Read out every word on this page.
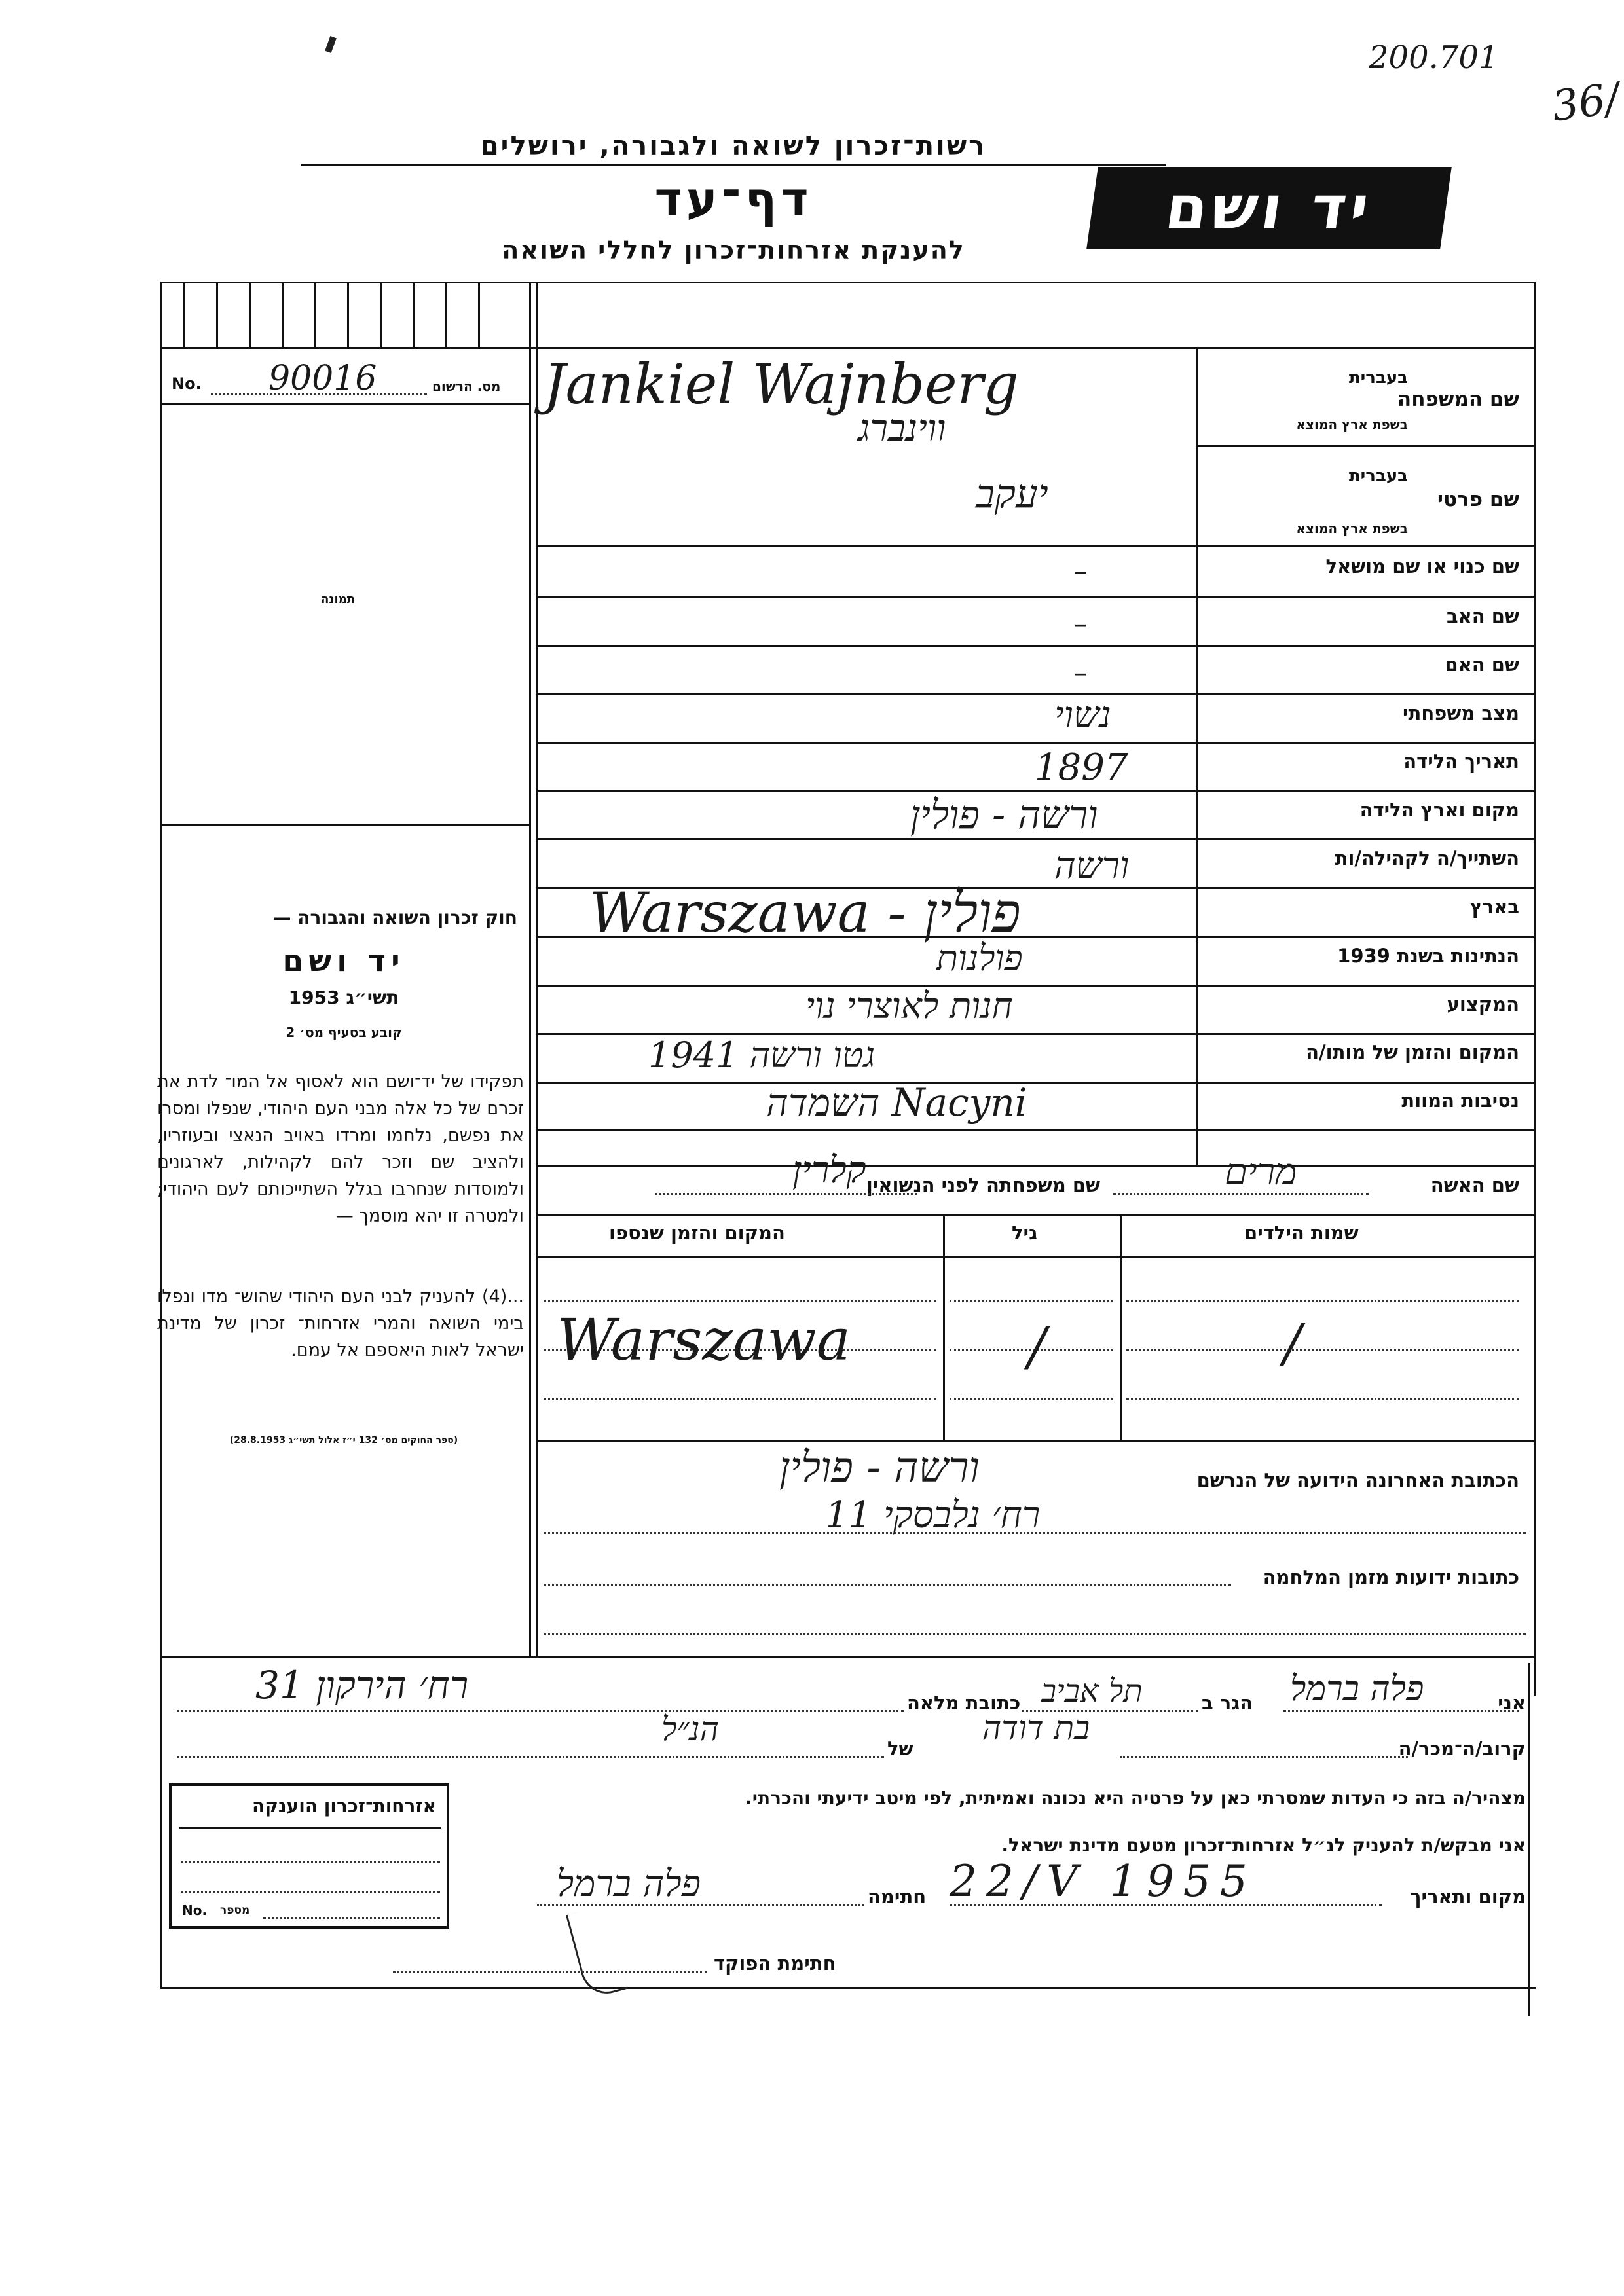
200.701
36/
רשות־זכרון לשואה ולגבורה, ירושלים
דף־עד
להענקת אזרחות־זכרון לחללי השואה
יד ושם
No. 90016	מס. הרשום
תמונה
חוק זכרון השואה והגבורה —
יד ושם
תשי״ג 1953
קובע בסעיף מס׳ 2
תפקידו של יד־ושם הוא לאסוף אל המו־ לדת את זכרם של כל אלה מבני העם היהודי, שנפלו ומסרו את נפשם, נלחמו ומרדו באויב הנאצי ובעוזריו, ולהציב שם וזכר להם לקהילות, לארגונים ולמוסדות שנחרבו בגלל השתייכותם לעם היהודי; ולמטרה זו יהא מוסמך —
...(4) להעניק לבני העם היהודי שהוש־ מדו ונפלו בימי השואה והמרי אזרחות־ זכרון של מדינת ישראל לאות היאספם אל עמם.
(ספר החוקים מס׳ 132 י״ז אלול תשי״ג 28.8.1953)
שם המשפחה
בעברית
בשפת ארץ המוצא
שם פרטי
בעברית
בשפת ארץ המוצא
שם כנוי או שם מושאל
שם האב
שם האם
מצב משפחתי
תאריך הלידה
מקום וארץ הלידה
השתייך/ה לקהילה/ות
בארץ
הנתינות בשנת 1939
המקצוע
המקום והזמן של מותו/ה
נסיבות המוות
Jankiel Wajnberg
ווינברג
יעקב
–
–
–
נשוי
1897
ורשה - פולין
ורשה
פולין - Warszawa
פולנות
חנות לאוצרי נוי
גטו ורשה 1941
Nacyni השמדה
שם האשה
מרים
שם משפחתה לפני הנשואין
קלרין
שמות הילדים
גיל
המקום והזמן שנספו
/
/
Warszawa
הכתובת האחרונה הידועה של הנרשם
ורשה - פולין
רח׳ נלבסקי 11
כתובות ידועות מזמן המלחמה
אני
פלה ברמל
הגר ב
תל אביב
כתובת מלאה
רח׳ הירקון 31
קרוב/ה־מכר/ה
בת דודה
של
הנ״ל
מצהיר/ה בזה כי העדות שמסרתי כאן על פרטיה היא נכונה ואמיתית, לפי מיטב ידיעתי והכרתי.
אני מבקש/ת להעניק לנ״ל אזרחות־זכרון מטעם מדינת ישראל.
מקום ותאריך
22/V 1955
חתימה
פלה ברמל
חתימת הפוקד
אזרחות־זכרון הוענקה
No. מספר
